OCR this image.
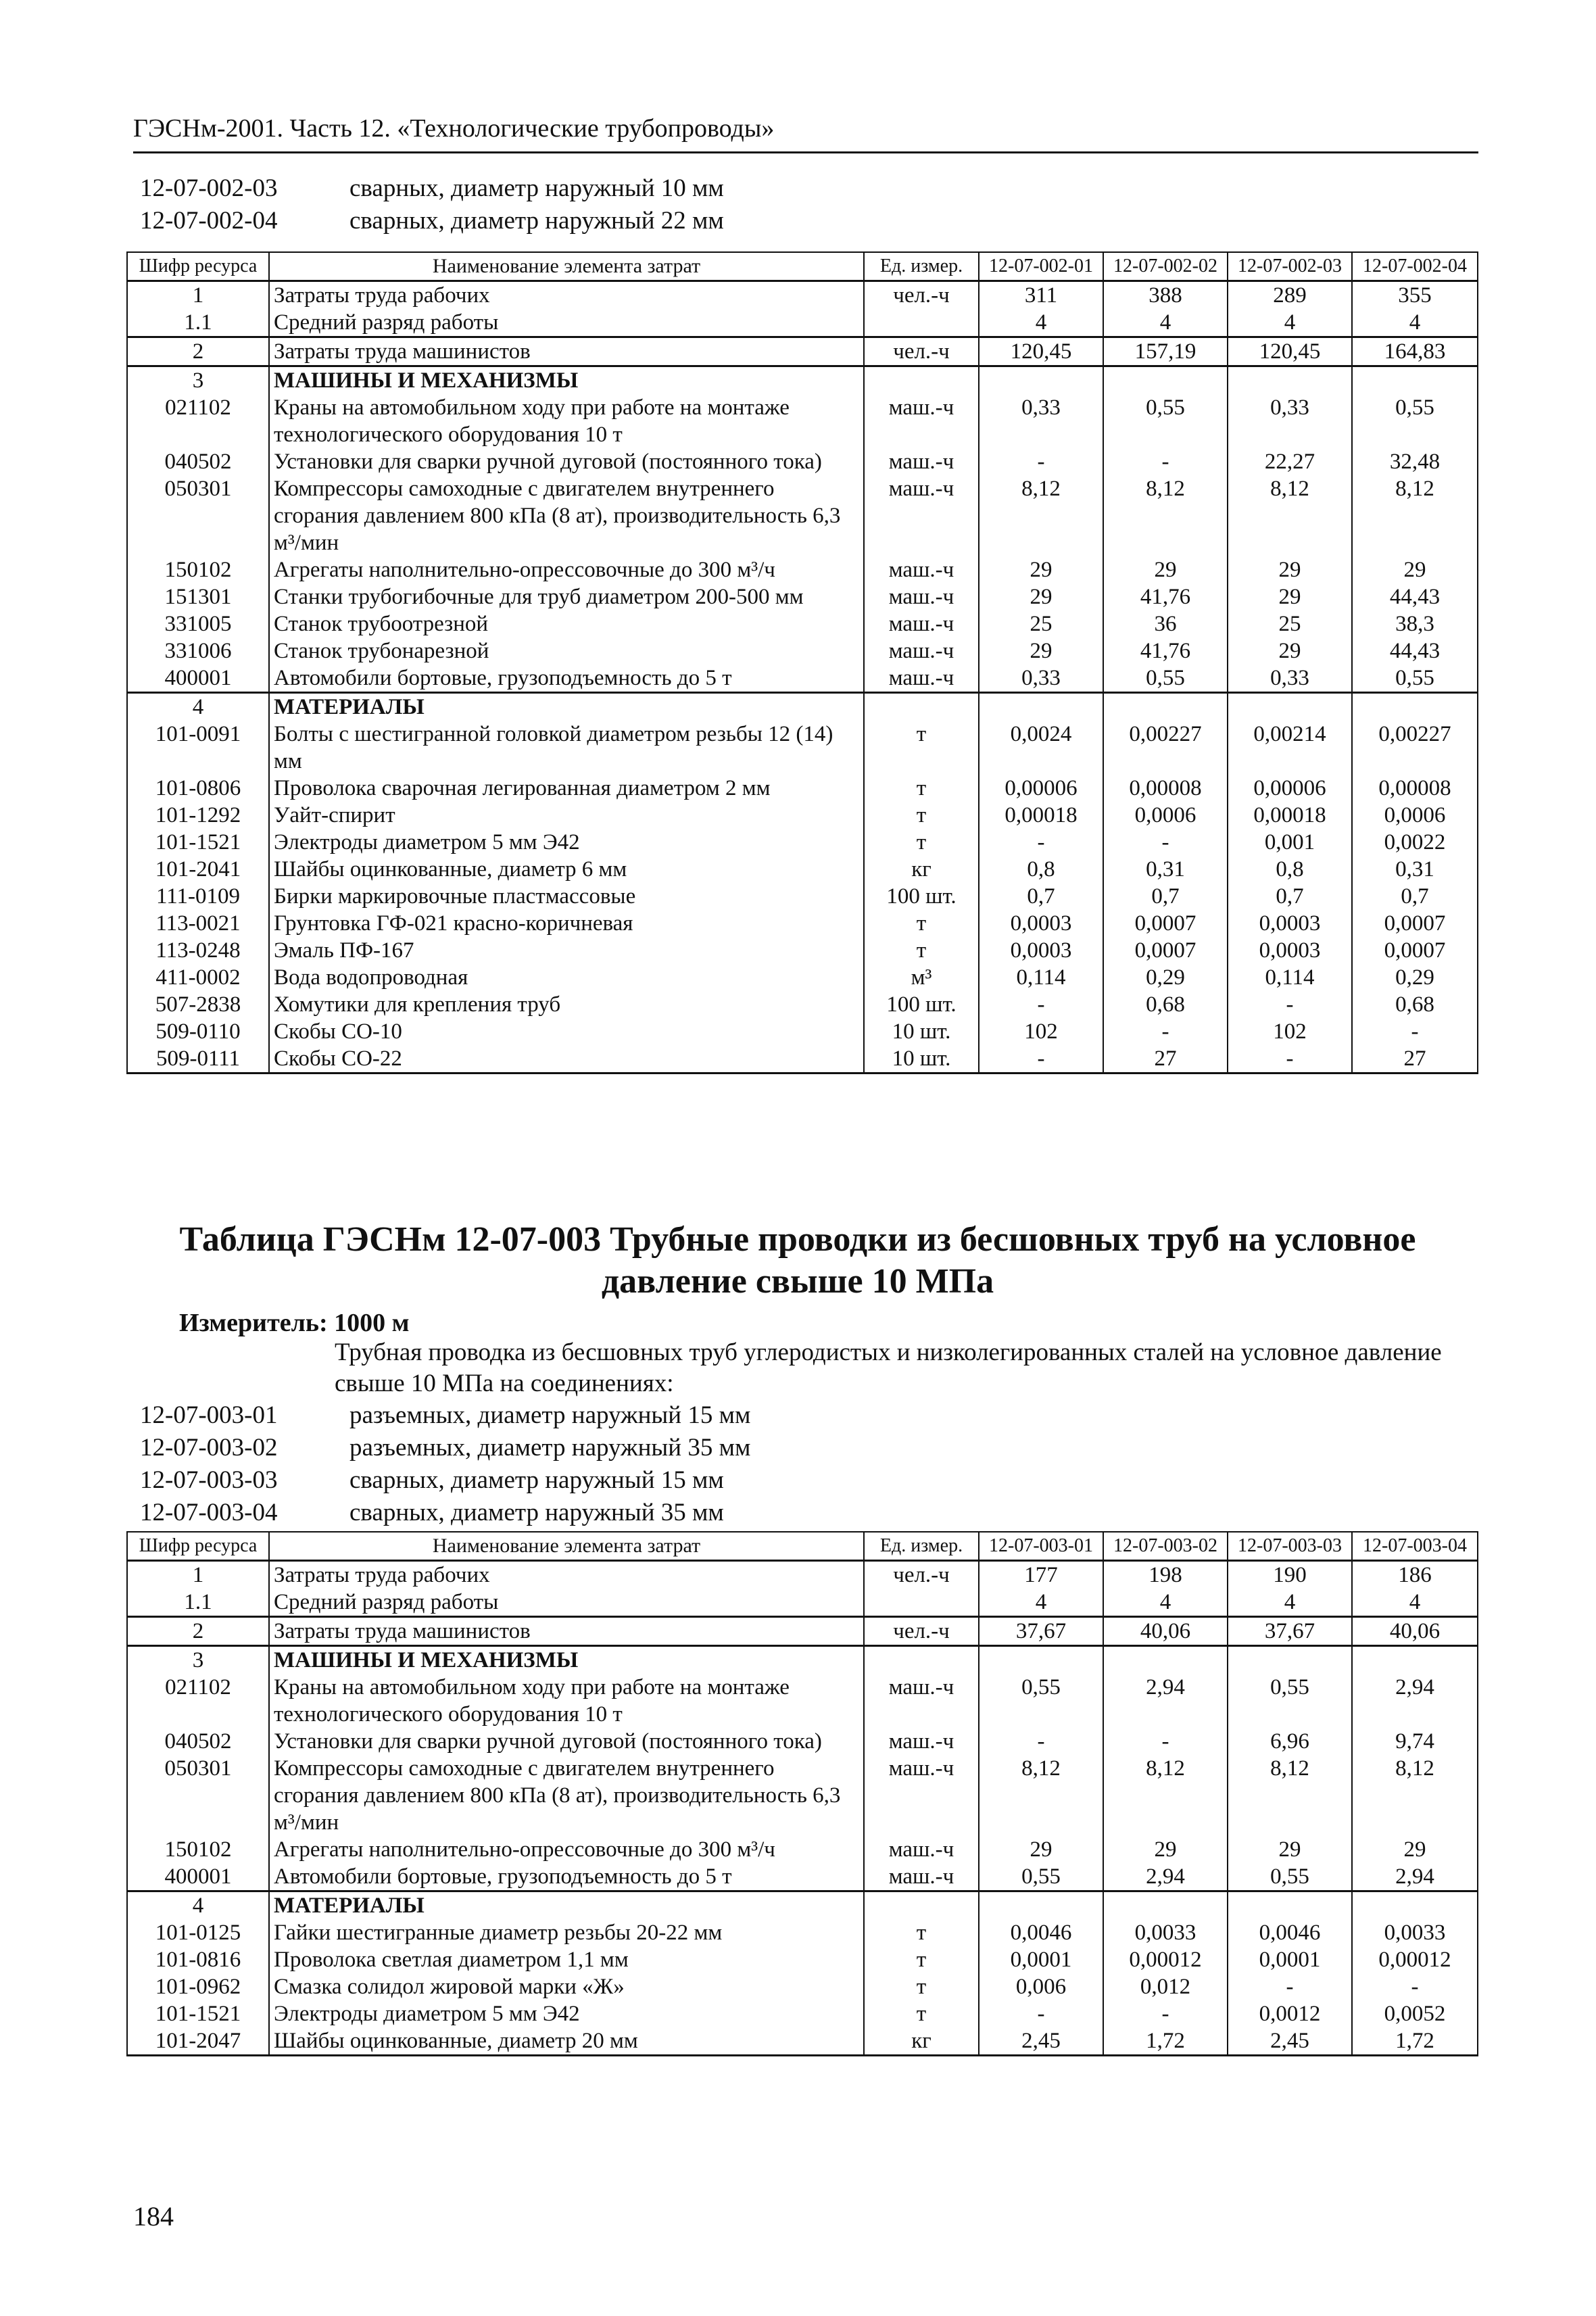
ГЭСНм-2001. Часть 12. «Технологические трубопроводы»
12-07-002-03	сварных, диаметр наружный 10 мм
12-07-002-04	сварных, диаметр наружный 22 мм
Шифр ресурса	Наименование элемента затрат	Ед. измер.	12-07-002-01	12-07-002-02	12-07-002-03	12-07-002-04
1	Затраты труда рабочих	чел.-ч	311	388	289	355
1.1	Средний разряд работы		4	4	4	4
2	Затраты труда машинистов	чел.-ч	120,45	157,19	120,45	164,83
3	МАШИНЫ И МЕХАНИЗМЫ					
021102	Краны на автомобильном ходу при работе на монтаже технологического оборудования 10 т	маш.-ч	0,33	0,55	0,33	0,55
040502	Установки для сварки ручной дуговой (постоянного тока)	маш.-ч	-	-	22,27	32,48
050301	Компрессоры самоходные с двигателем внутреннего сгорания давлением 800 кПа (8 ат), производительность 6,3 м³/мин	маш.-ч	8,12	8,12	8,12	8,12
150102	Агрегаты наполнительно-опрессовочные до 300 м³/ч	маш.-ч	29	29	29	29
151301	Станки трубогибочные для труб диаметром 200-500 мм	маш.-ч	29	41,76	29	44,43
331005	Станок трубоотрезной	маш.-ч	25	36	25	38,3
331006	Станок трубонарезной	маш.-ч	29	41,76	29	44,43
400001	Автомобили бортовые, грузоподъемность до 5 т	маш.-ч	0,33	0,55	0,33	0,55
4	МАТЕРИАЛЫ					
101-0091	Болты с шестигранной головкой диаметром резьбы 12 (14) мм	т	0,0024	0,00227	0,00214	0,00227
101-0806	Проволока сварочная легированная диаметром 2 мм	т	0,00006	0,00008	0,00006	0,00008
101-1292	Уайт-спирит	т	0,00018	0,0006	0,00018	0,0006
101-1521	Электроды диаметром 5 мм Э42	т	-	-	0,001	0,0022
101-2041	Шайбы оцинкованные, диаметр 6 мм	кг	0,8	0,31	0,8	0,31
111-0109	Бирки маркировочные пластмассовые	100 шт.	0,7	0,7	0,7	0,7
113-0021	Грунтовка ГФ-021 красно-коричневая	т	0,0003	0,0007	0,0003	0,0007
113-0248	Эмаль ПФ-167	т	0,0003	0,0007	0,0003	0,0007
411-0002	Вода водопроводная	м³	0,114	0,29	0,114	0,29
507-2838	Хомутики для крепления труб	100 шт.	-	0,68	-	0,68
509-0110	Скобы СО-10	10 шт.	102	-	102	-
509-0111	Скобы СО-22	10 шт.	-	27	-	27
Таблица ГЭСНм 12-07-003 Трубные проводки из бесшовных труб на условное давление свыше 10 МПа
Измеритель: 1000 м
Трубная проводка из бесшовных труб углеродистых и низколегированных сталей на условное давление свыше 10 МПа на соединениях:
12-07-003-01	разъемных, диаметр наружный 15 мм
12-07-003-02	разъемных, диаметр наружный 35 мм
12-07-003-03	сварных, диаметр наружный 15 мм
12-07-003-04	сварных, диаметр наружный 35 мм
Шифр ресурса	Наименование элемента затрат	Ед. измер.	12-07-003-01	12-07-003-02	12-07-003-03	12-07-003-04
1	Затраты труда рабочих	чел.-ч	177	198	190	186
1.1	Средний разряд работы		4	4	4	4
2	Затраты труда машинистов	чел.-ч	37,67	40,06	37,67	40,06
3	МАШИНЫ И МЕХАНИЗМЫ					
021102	Краны на автомобильном ходу при работе на монтаже технологического оборудования 10 т	маш.-ч	0,55	2,94	0,55	2,94
040502	Установки для сварки ручной дуговой (постоянного тока)	маш.-ч	-	-	6,96	9,74
050301	Компрессоры самоходные с двигателем внутреннего сгорания давлением 800 кПа (8 ат), производительность 6,3 м³/мин	маш.-ч	8,12	8,12	8,12	8,12
150102	Агрегаты наполнительно-опрессовочные до 300 м³/ч	маш.-ч	29	29	29	29
400001	Автомобили бортовые, грузоподъемность до 5 т	маш.-ч	0,55	2,94	0,55	2,94
4	МАТЕРИАЛЫ					
101-0125	Гайки шестигранные диаметр резьбы 20-22 мм	т	0,0046	0,0033	0,0046	0,0033
101-0816	Проволока светлая диаметром 1,1 мм	т	0,0001	0,00012	0,0001	0,00012
101-0962	Смазка солидол жировой марки «Ж»	т	0,006	0,012	-	-
101-1521	Электроды диаметром 5 мм Э42	т	-	-	0,0012	0,0052
101-2047	Шайбы оцинкованные, диаметр 20 мм	кг	2,45	1,72	2,45	1,72
184
